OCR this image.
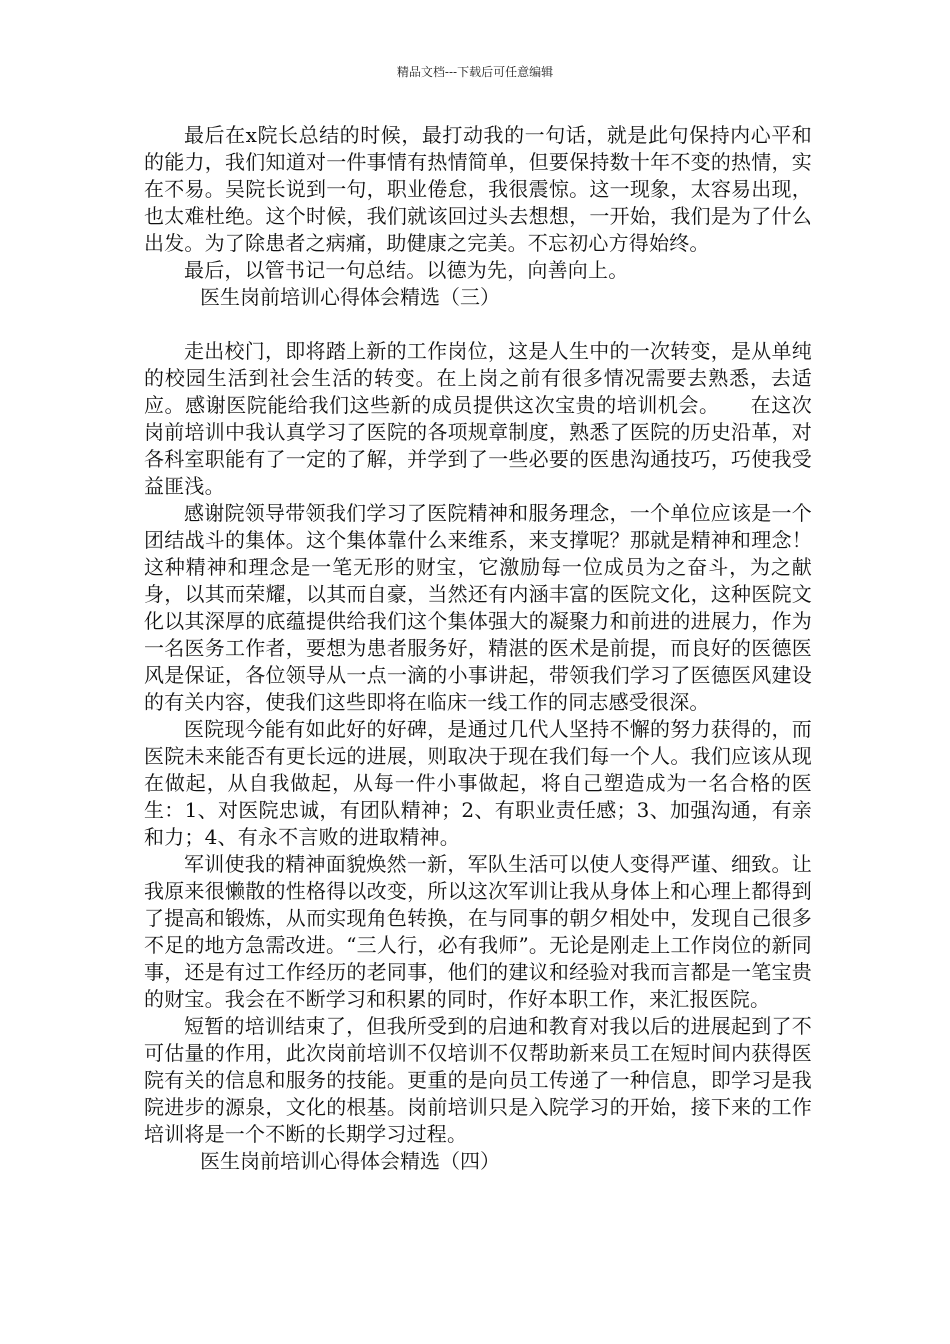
精品文档---下载后可任意编辑

最后在x院长总结的时候，最打动我的一句话，就是此句保持内心平和的能力，我们知道对一件事情有热情简单，但要保持数十年不变的热情，实在不易。吴院长说到一句，职业倦怠，我很震惊。这一现象，太容易出现，也太难杜绝。这个时候，我们就该回过头去想想，一开始，我们是为了什么出发。为了除患者之病痛，助健康之完美。不忘初心方得始终。

最后，以管书记一句总结。以德为先，向善向上。

医生岗前培训心得体会精选（三）

走出校门，即将踏上新的工作岗位，这是人生中的一次转变，是从单纯的校园生活到社会生活的转变。在上岗之前有很多情况需要去熟悉，去适应。感谢医院能给我们这些新的成员提供这次宝贵的培训机会。　　在这次岗前培训中我认真学习了医院的各项规章制度，熟悉了医院的历史沿革，对各科室职能有了一定的了解，并学到了一些必要的医患沟通技巧，巧使我受益匪浅。

感谢院领导带领我们学习了医院精神和服务理念，一个单位应该是一个团结战斗的集体。这个集体靠什么来维系，来支撑呢？那就是精神和理念！这种精神和理念是一笔无形的财宝，它激励每一位成员为之奋斗，为之献身，以其而荣耀，以其而自豪，当然还有内涵丰富的医院文化，这种医院文化以其深厚的底蕴提供给我们这个集体强大的凝聚力和前进的进展力，作为一名医务工作者，要想为患者服务好，精湛的医术是前提，而良好的医德医风是保证，各位领导从一点一滴的小事讲起，带领我们学习了医德医风建设的有关内容，使我们这些即将在临床一线工作的同志感受很深。

医院现今能有如此好的好碑，是通过几代人坚持不懈的努力获得的，而医院未来能否有更长远的进展，则取决于现在我们每一个人。我们应该从现在做起，从自我做起，从每一件小事做起，将自己塑造成为一名合格的医生：1、对医院忠诚，有团队精神；2、有职业责任感；3、加强沟通，有亲和力；4、有永不言败的进取精神。

军训使我的精神面貌焕然一新，军队生活可以使人变得严谨、细致。让我原来很懒散的性格得以改变，所以这次军训让我从身体上和心理上都得到了提高和锻炼，从而实现角色转换，在与同事的朝夕相处中，发现自己很多不足的地方急需改进。“三人行，必有我师”。无论是刚走上工作岗位的新同事，还是有过工作经历的老同事，他们的建议和经验对我而言都是一笔宝贵的财宝。我会在不断学习和积累的同时，作好本职工作，来汇报医院。

短暂的培训结束了，但我所受到的启迪和教育对我以后的进展起到了不可估量的作用，此次岗前培训不仅培训不仅帮助新来员工在短时间内获得医院有关的信息和服务的技能。更重的是向员工传递了一种信息，即学习是我院进步的源泉，文化的根基。岗前培训只是入院学习的开始，接下来的工作培训将是一个不断的长期学习过程。

医生岗前培训心得体会精选（四）
